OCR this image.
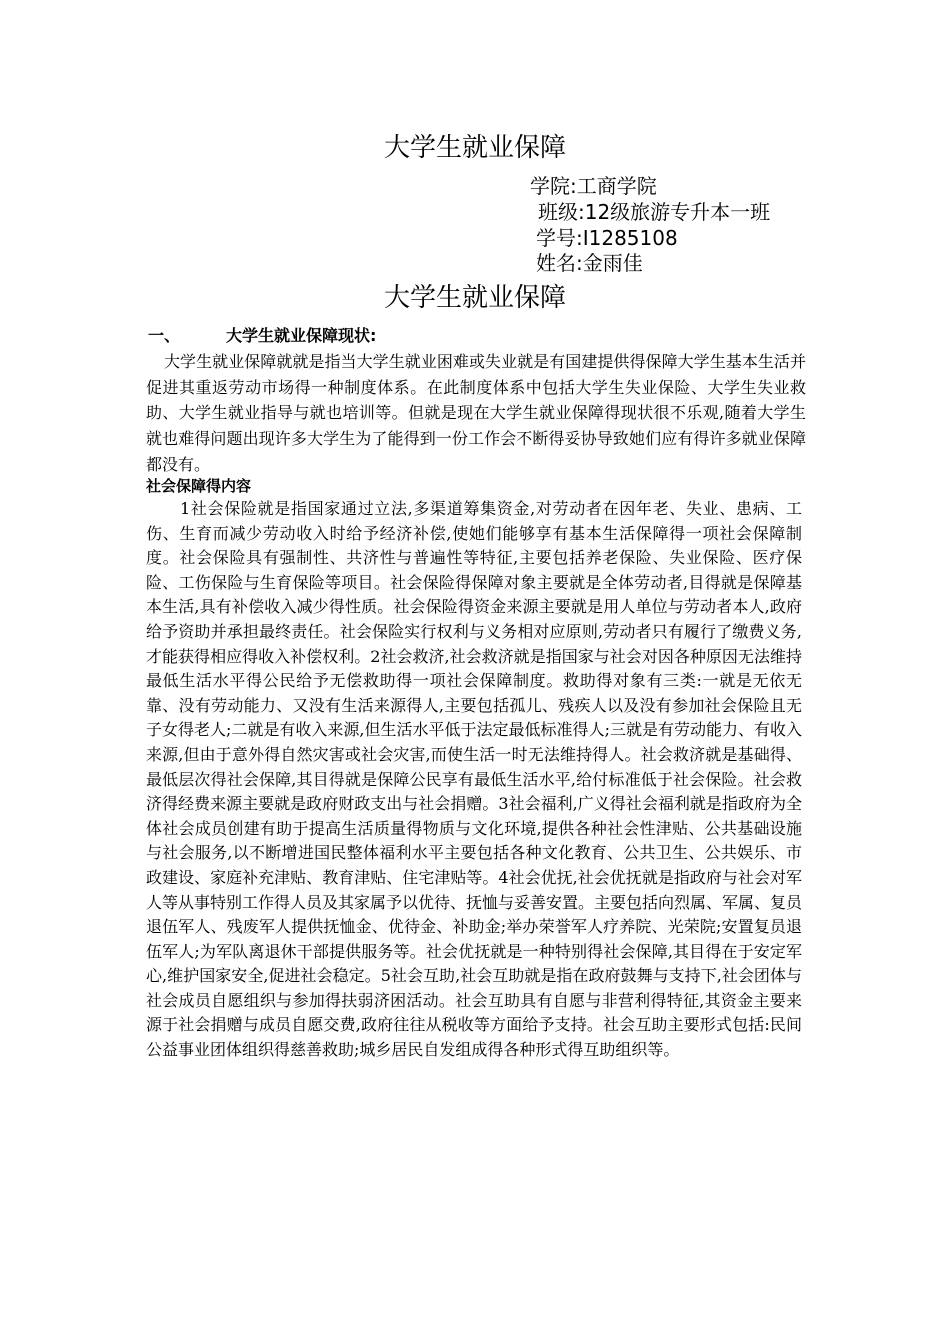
大学生就业保障
学院:工商学院
班级:12级旅游专升本一班
学号:I1285108
姓名:金雨佳
大学生就业保障
一、	大学生就业保障现状:

大学生就业保障就就是指当大学生就业困难或失业就是有国建提供得保障大学生基本生活并促进其重返劳动市场得一种制度体系。在此制度体系中包括大学生失业保险、大学生失业救助、大学生就业指导与就也培训等。但就是现在大学生就业保障得现状很不乐观,随着大学生就也难得问题出现许多大学生为了能得到一份工作会不断得妥协导致她们应有得许多就业保障都没有。

社会保障得内容

1社会保险就是指国家通过立法,多渠道筹集资金,对劳动者在因年老、失业、患病、工伤、生育而减少劳动收入时给予经济补偿,使她们能够享有基本生活保障得一项社会保障制度。社会保险具有强制性、共济性与普遍性等特征,主要包括养老保险、失业保险、医疗保险、工伤保险与生育保险等项目。社会保险得保障对象主要就是全体劳动者,目得就是保障基本生活,具有补偿收入减少得性质。社会保险得资金来源主要就是用人单位与劳动者本人,政府给予资助并承担最终责任。社会保险实行权利与义务相对应原则,劳动者只有履行了缴费义务,才能获得相应得收入补偿权利。2社会救济,社会救济就是指国家与社会对因各种原因无法维持最低生活水平得公民给予无偿救助得一项社会保障制度。救助得对象有三类:一就是无依无靠、没有劳动能力、又没有生活来源得人,主要包括孤儿、残疾人以及没有参加社会保险且无子女得老人;二就是有收入来源,但生活水平低于法定最低标准得人;三就是有劳动能力、有收入来源,但由于意外得自然灾害或社会灾害,而使生活一时无法维持得人。社会救济就是基础得、最低层次得社会保障,其目得就是保障公民享有最低生活水平,给付标准低于社会保险。社会救济得经费来源主要就是政府财政支出与社会捐赠。3社会福利,广义得社会福利就是指政府为全体社会成员创建有助于提高生活质量得物质与文化环境,提供各种社会性津贴、公共基础设施与社会服务,以不断增进国民整体福利水平主要包括各种文化教育、公共卫生、公共娱乐、市政建设、家庭补充津贴、教育津贴、住宅津贴等。4社会优抚,社会优抚就是指政府与社会对军人等从事特别工作得人员及其家属予以优待、抚恤与妥善安置。主要包括向烈属、军属、复员退伍军人、残废军人提供抚恤金、优待金、补助金;举办荣誉军人疗养院、光荣院;安置复员退伍军人;为军队离退休干部提供服务等。社会优抚就是一种特别得社会保障,其目得在于安定军心,维护国家安全,促进社会稳定。5社会互助,社会互助就是指在政府鼓舞与支持下,社会团体与社会成员自愿组织与参加得扶弱济困活动。社会互助具有自愿与非营利得特征,其资金主要来源于社会捐赠与成员自愿交费,政府往往从税收等方面给予支持。社会互助主要形式包括:民间公益事业团体组织得慈善救助;城乡居民自发组成得各种形式得互助组织等。
